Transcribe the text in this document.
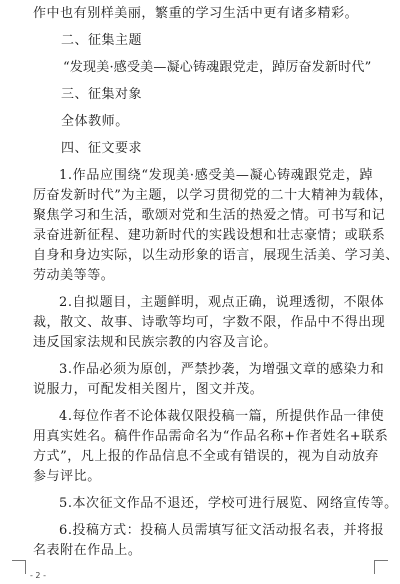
作中也有别样美丽，繁重的学习生活中更有诸多精彩。

二、征集主题

“发现美·感受美—凝心铸魂跟党走，踔厉奋发新时代”

三、征集对象

全体教师。

四、征文要求

1.作品应围绕“发现美·感受美—凝心铸魂跟党走，踔

厉奋发新时代”为主题，以学习贯彻党的二十大精神为载体，

聚焦学习和生活，歌颂对党和生活的热爱之情。可书写和记

录奋进新征程、建功新时代的实践设想和壮志豪情；或联系

自身和身边实际，以生动形象的语言，展现生活美、学习美、

劳动美等等。

2.自拟题目，主题鲜明，观点正确，说理透彻，不限体

裁，散文、故事、诗歌等均可，字数不限，作品中不得出现

违反国家法规和民族宗教的内容及言论。

3.作品必须为原创，严禁抄袭，为增强文章的感染力和

说服力，可配发相关图片，图文并茂。

4.每位作者不论体裁仅限投稿一篇，所提供作品一律使

用真实姓名。稿件作品需命名为“作品名称+作者姓名+联系

方式”，凡上报的作品信息不全或有错误的，视为自动放弃

参与评比。

5.本次征文作品不退还，学校可进行展览、网络宣传等。

6.投稿方式：投稿人员需填写征文活动报名表，并将报

名表附在作品上。

- 2 -
